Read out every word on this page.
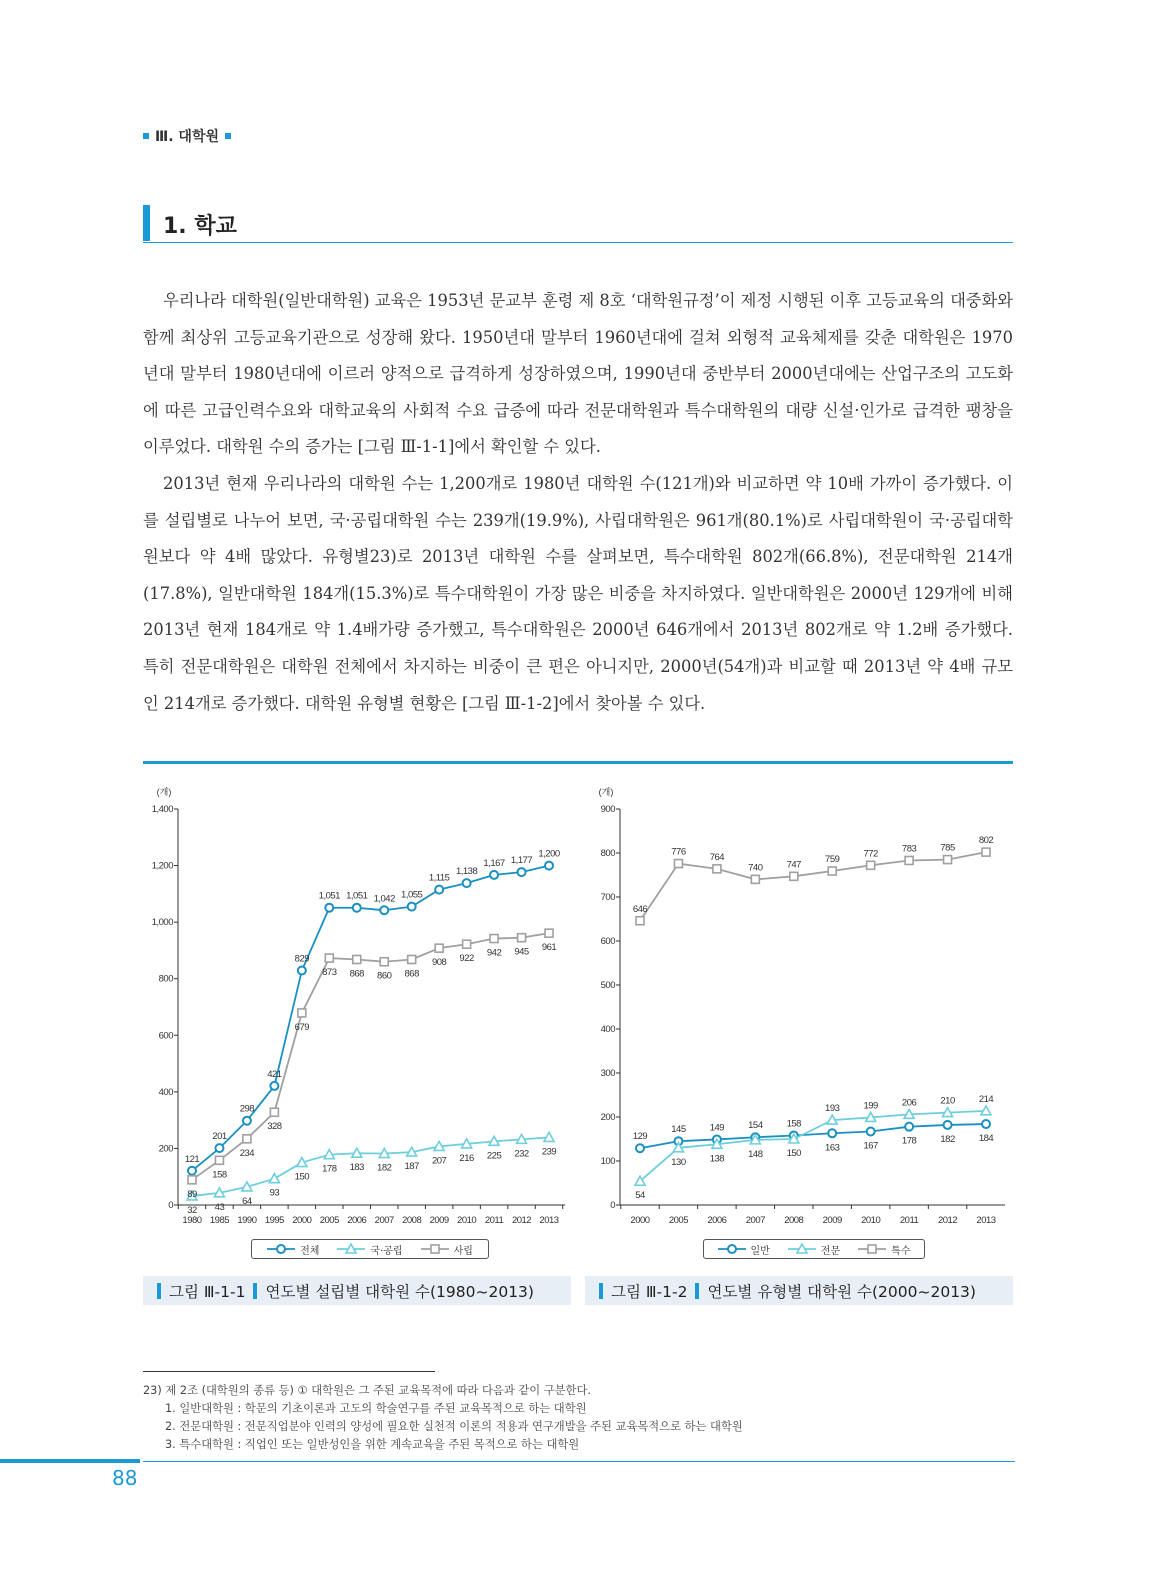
Ⅲ. 대학원
1. 학교

우리나라 대학원(일반대학원) 교육은 1953년 문교부 훈령 제 8호 ‘대학원규정’이 제정 시행된 이후 고등교육의 대중화와 함께 최상위 고등교육기관으로 성장해 왔다. 1950년대 말부터 1960년대에 걸쳐 외형적 교육체제를 갖춘 대학원은 1970년대 말부터 1980년대에 이르러 양적으로 급격하게 성장하였으며, 1990년대 중반부터 2000년대에는 산업구조의 고도화에 따른 고급인력수요와 대학교육의 사회적 수요 급증에 따라 전문대학원과 특수대학원의 대량 신설·인가로 급격한 팽창을 이루었다. 대학원 수의 증가는 [그림 Ⅲ-1-1]에서 확인할 수 있다.

2013년 현재 우리나라의 대학원 수는 1,200개로 1980년 대학원 수(121개)와 비교하면 약 10배 가까이 증가했다. 이를 설립별로 나누어 보면, 국·공립대학원 수는 239개(19.9%), 사립대학원은 961개(80.1%)로 사립대학원이 국·공립대학원보다 약 4배 많았다. 유형별23)로 2013년 대학원 수를 살펴보면, 특수대학원 802개(66.8%), 전문대학원 214개(17.8%), 일반대학원 184개(15.3%)로 특수대학원이 가장 많은 비중을 차지하였다. 일반대학원은 2000년 129개에 비해 2013년 현재 184개로 약 1.4배가량 증가했고, 특수대학원은 2000년 646개에서 2013년 802개로 약 1.2배 증가했다. 특히 전문대학원은 대학원 전체에서 차지하는 비중이 큰 편은 아니지만, 2000년(54개)과 비교할 때 2013년 약 4배 규모인 214개로 증가했다. 대학원 유형별 현황은 [그림 Ⅲ-1-2]에서 찾아볼 수 있다.

(개)
0
200
400
600
800
1,000
1,200
1,400
1980 1985 1990 1995 2000 2005 2006 2007 2008 2009 2010 2011 2012 2013
121
201
298
421
829
1,051 1,051 1,042 1,055
1,115
1,138
1,167 1,177
1,200
32 43
64
93
150
178 183 182 187
207 216 225 232 239
89
158
234
328
679
873 868 860 868
908 922
942 945 961
(개)
0
100
200
300
400
500
600
700
800
900
2000 2005 2006 2007 2008 2009 2010 2011 2012 2013
129
145	149	154	158
163	167	178	182	184
54
130	138	148	150
193	199	206	210	214
646
776	764
740	747	759
772	783	785
802
전체	국·공립	사립	일반	전문	특수
그림 Ⅲ-1-1 연도별 설립별 대학원 수(1980~2013)	그림 Ⅲ-1-2 연도별 유형별 대학원 수(2000~2013)
23) 제 2조 (대학원의 종류 등) ① 대학원은 그 주된 교육목적에 따라 다음과 같이 구분한다.
1. 일반대학원 : 학문의 기초이론과 고도의 학술연구를 주된 교육목적으로 하는 대학원
2. 전문대학원 : 전문직업분야 인력의 양성에 필요한 실천적 이론의 적용과 연구개발을 주된 교육목적으로 하는 대학원
3. 특수대학원 : 직업인 또는 일반성인을 위한 계속교육을 주된 목적으로 하는 대학원
88
